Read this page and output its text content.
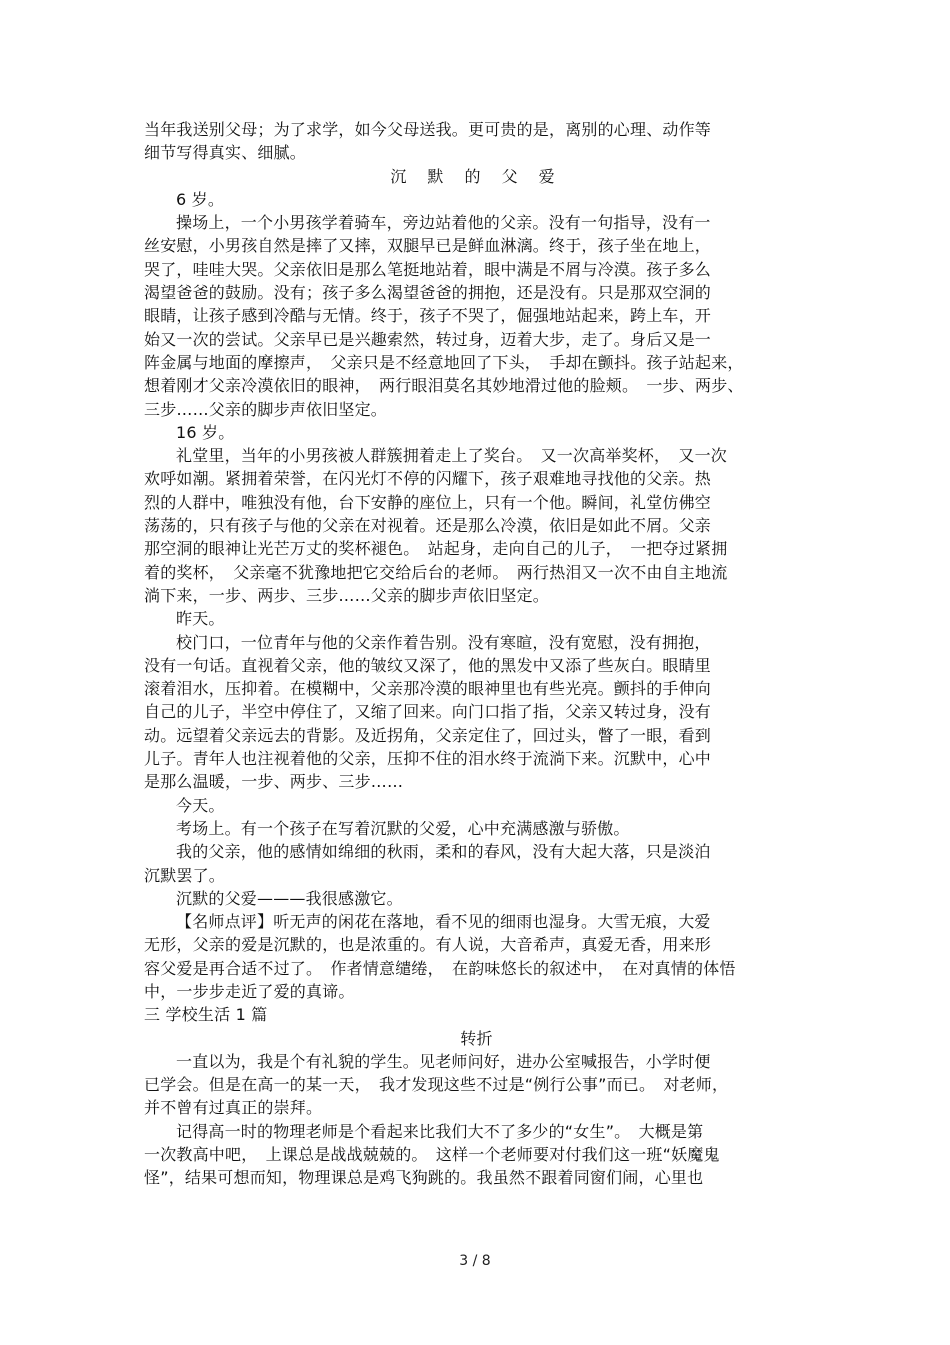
当年我送别父母；为了求学，如今父母送我。更可贵的是，离别的心理、动作等
细节写得真实、细腻。
沉 默 的 父 爱
6 岁。
操场上，一个小男孩学着骑车，旁边站着他的父亲。没有一句指导，没有一
丝安慰，小男孩自然是摔了又摔，双腿早已是鲜血淋漓。终于，孩子坐在地上，
哭了，哇哇大哭。父亲依旧是那么笔挺地站着，眼中满是不屑与冷漠。孩子多么
渴望爸爸的鼓励。没有；孩子多么渴望爸爸的拥抱，还是没有。只是那双空洞的
眼睛，让孩子感到冷酷与无情。终于，孩子不哭了，倔强地站起来，跨上车，开
始又一次的尝试。父亲早已是兴趣索然，转过身，迈着大步，走了。身后又是一
阵金属与地面的摩擦声，　父亲只是不经意地回了下头，　手却在颤抖。孩子站起来，
想着刚才父亲冷漠依旧的眼神，　两行眼泪莫名其妙地滑过他的脸颊。　一步、两步、
三步……父亲的脚步声依旧坚定。
16 岁。
礼堂里，当年的小男孩被人群簇拥着走上了奖台。　又一次高举奖杯，　又一次
欢呼如潮。紧拥着荣誉，在闪光灯不停的闪耀下，孩子艰难地寻找他的父亲。热
烈的人群中，唯独没有他，台下安静的座位上，只有一个他。瞬间，礼堂仿佛空
荡荡的，只有孩子与他的父亲在对视着。还是那么冷漠，依旧是如此不屑。父亲
那空洞的眼神让光芒万丈的奖杯褪色。　站起身，走向自己的儿子，　一把夺过紧拥
着的奖杯，　父亲毫不犹豫地把它交给后台的老师。　两行热泪又一次不由自主地流
淌下来，一步、两步、三步……父亲的脚步声依旧坚定。
昨天。
校门口，一位青年与他的父亲作着告别。没有寒暄，没有宽慰，没有拥抱，
没有一句话。直视着父亲，他的皱纹又深了，他的黑发中又添了些灰白。眼睛里
滚着泪水，压抑着。在模糊中，父亲那冷漠的眼神里也有些光亮。颤抖的手伸向
自己的儿子，半空中停住了，又缩了回来。向门口指了指，父亲又转过身，没有
动。远望着父亲远去的背影。及近拐角，父亲定住了，回过头，瞥了一眼，看到
儿子。青年人也注视着他的父亲，压抑不住的泪水终于流淌下来。沉默中，心中
是那么温暖，一步、两步、三步……
今天。
考场上。有一个孩子在写着沉默的父爱，心中充满感激与骄傲。
我的父亲，他的感情如绵细的秋雨，柔和的春风，没有大起大落，只是淡泊
沉默罢了。
沉默的父爱———我很感激它。
【名师点评】听无声的闲花在落地，看不见的细雨也湿身。大雪无痕，大爱
无形，父亲的爱是沉默的，也是浓重的。有人说，大音希声，真爱无香，用来形
容父爱是再合适不过了。　作者情意缱绻，　在韵味悠长的叙述中，　在对真情的体悟
中，一步步走近了爱的真谛。
三 学校生活 1 篇
转折
一直以为，我是个有礼貌的学生。见老师问好，进办公室喊报告，小学时便
已学会。但是在高一的某一天，　我才发现这些不过是“例行公事”而已。　对老师，
并不曾有过真正的崇拜。
记得高一时的物理老师是个看起来比我们大不了多少的“女生”。　大概是第
一次教高中吧，　上课总是战战兢兢的。　这样一个老师要对付我们这一班“妖魔鬼
怪”，结果可想而知，物理课总是鸡飞狗跳的。我虽然不跟着同窗们闹，心里也
3 / 8
